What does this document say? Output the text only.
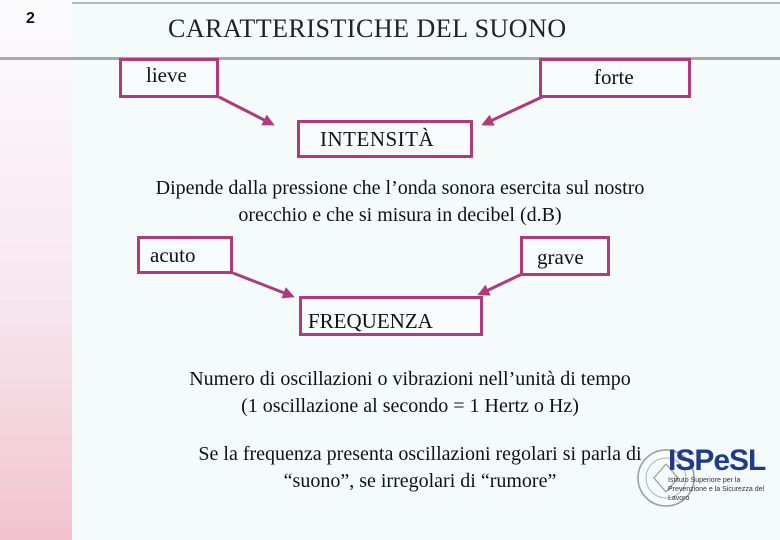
2	CARATTERISTICHE DEL SUONO
lieve	forte
INTENSITÀ
Dipende dalla pressione che l’onda sonora esercita sul nostro
orecchio e che si misura in decibel (d.B)
acuto	grave
FREQUENZA
Numero di oscillazioni o vibrazioni nell’unità di tempo
(1 oscillazione al secondo = 1 Hertz o Hz)
Se la frequenza presenta oscillazioni regolari si parla di
“suono”, se irregolari di “rumore”
ISPeSL
Istituto Superiore per la Prevenzione e la Sicurezza del Lavoro
